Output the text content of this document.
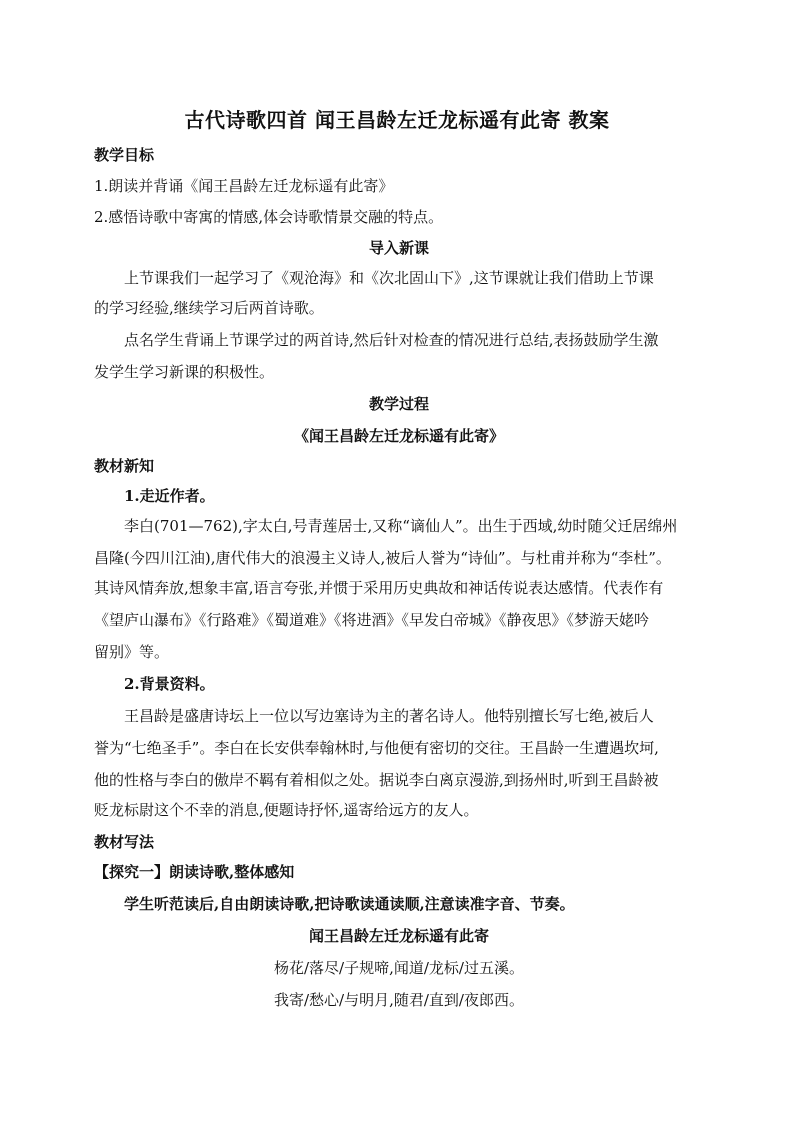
古代诗歌四首 闻王昌龄左迁龙标遥有此寄 教案
教学目标
1.朗读并背诵《闻王昌龄左迁龙标遥有此寄》
2.感悟诗歌中寄寓的情感,体会诗歌情景交融的特点。
导入新课
上节课我们一起学习了《观沧海》和《次北固山下》,这节课就让我们借助上节课
的学习经验,继续学习后两首诗歌。
点名学生背诵上节课学过的两首诗,然后针对检查的情况进行总结,表扬鼓励学生激
发学生学习新课的积极性。
教学过程
《闻王昌龄左迁龙标遥有此寄》
教材新知
1.走近作者。
李白(701—762),字太白,号青莲居士,又称“谪仙人”。出生于西域,幼时随父迁居绵州
昌隆(今四川江油),唐代伟大的浪漫主义诗人,被后人誉为“诗仙”。与杜甫并称为“李杜”。
其诗风情奔放,想象丰富,语言夸张,并惯于采用历史典故和神话传说表达感情。代表作有
《望庐山瀑布》《行路难》《蜀道难》《将进酒》《早发白帝城》《静夜思》《梦游天姥吟
留别》等。
2.背景资料。
王昌龄是盛唐诗坛上一位以写边塞诗为主的著名诗人。他特别擅长写七绝,被后人
誉为“七绝圣手”。李白在长安供奉翰林时,与他便有密切的交往。王昌龄一生遭遇坎坷,
他的性格与李白的傲岸不羁有着相似之处。据说李白离京漫游,到扬州时,听到王昌龄被
贬龙标尉这个不幸的消息,便题诗抒怀,遥寄给远方的友人。
教材写法
【探究一】朗读诗歌,整体感知
学生听范读后,自由朗读诗歌,把诗歌读通读顺,注意读准字音、节奏。
闻王昌龄左迁龙标遥有此寄
杨花/落尽/子规啼,闻道/龙标/过五溪。
我寄/愁心/与明月,随君/直到/夜郎西。
